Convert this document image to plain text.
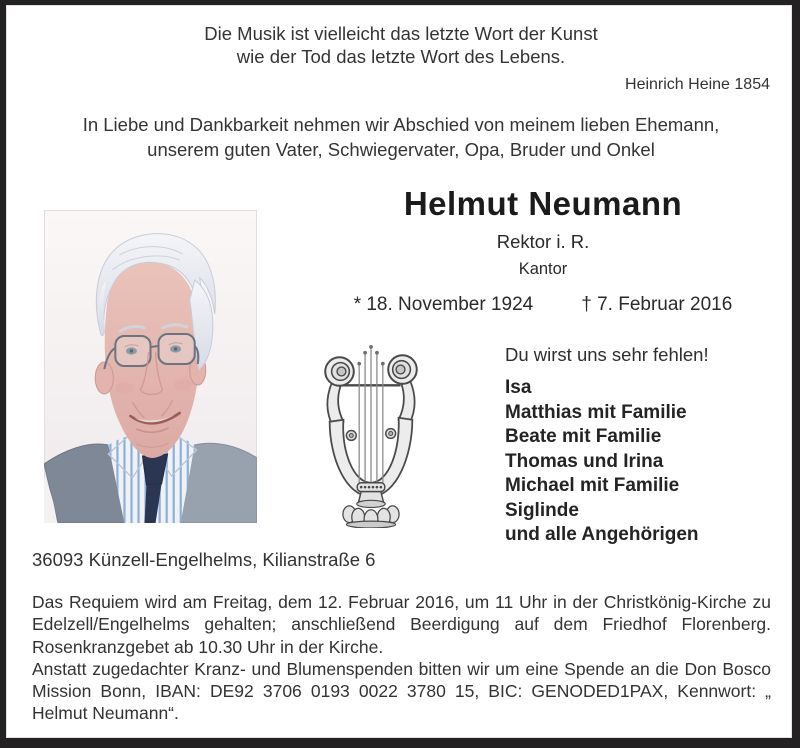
Die Musik ist vielleicht das letzte Wort der Kunst
wie der Tod das letzte Wort des Lebens.
Heinrich Heine 1854
In Liebe und Dankbarkeit nehmen wir Abschied von meinem lieben Ehemann,
unserem guten Vater, Schwiegervater, Opa, Bruder und Onkel
Helmut Neumann
Rektor i. R.
Kantor
* 18. November 1924	† 7. Februar 2016
Du wirst uns sehr fehlen!
Isa
Matthias mit Familie
Beate mit Familie
Thomas und Irina
Michael mit Familie
Siglinde
und alle Angehörigen
36093 Künzell-Engelhelms, Kilianstraße 6

Das Requiem wird am Freitag, dem 12. Februar 2016, um 11 Uhr in der Christkönig-Kirche zu Edelzell/Engelhelms gehalten; anschließend Beerdigung auf dem Friedhof Florenberg. Rosenkranzgebet ab 10.30 Uhr in der Kirche.

Anstatt zugedachter Kranz- und Blumenspenden bitten wir um eine Spende an die Don Bosco Mission Bonn, IBAN: DE92 3706 0193 0022 3780 15, BIC: GENODED1PAX, Kennwort: „ Helmut Neumann“.
